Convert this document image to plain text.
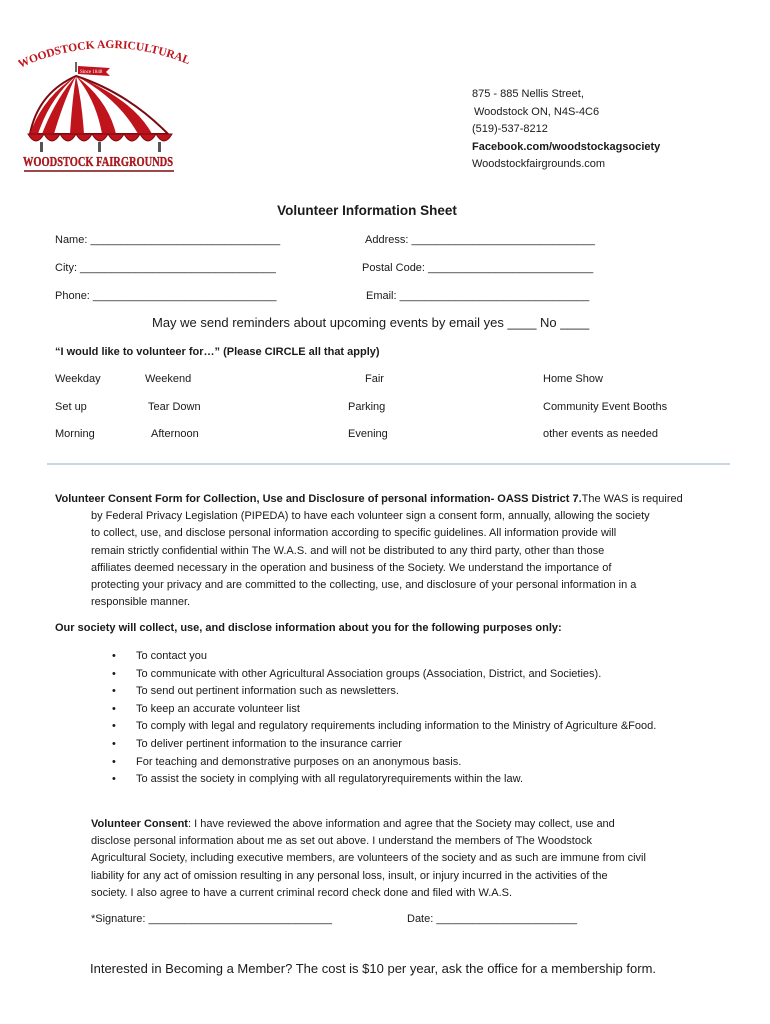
WOODSTOCK AGRICULTURAL
Since 1848
WOODSTOCK FAIRGROUNDS
875 - 885 Nellis Street,
Woodstock ON, N4S-4C6
(519)-537-8212
Facebook.com/woodstockagsociety
Woodstockfairgrounds.com
Volunteer Information Sheet
Name: _______________________________	Address: ______________________________
City: ________________________________	Postal Code: ___________________________
Phone: ______________________________	Email: _______________________________
May we send reminders about upcoming events by email yes ____ No ____
“I would like to volunteer for…” (Please CIRCLE all that apply)
Weekday	Weekend	Fair	Home Show
Set up	Tear Down	Parking	Community Event Booths
Morning	Afternoon	Evening	other events as needed
Volunteer Consent Form for Collection, Use and Disclosure of personal information- OASS District 7.The WAS is required
by Federal Privacy Legislation (PIPEDA) to have each volunteer sign a consent form, annually, allowing the society
to collect, use, and disclose personal information according to specific guidelines. All information provide will
remain strictly confidential within The W.A.S. and will not be distributed to any third party, other than those
affiliates deemed necessary in the operation and business of the Society. We understand the importance of
protecting your privacy and are committed to the collecting, use, and disclosure of your personal information in a
responsible manner.
Our society will collect, use, and disclose information about you for the following purposes only:
• To contact you
• To communicate with other Agricultural Association groups (Association, District, and Societies).
• To send out pertinent information such as newsletters.
• To keep an accurate volunteer list
• To comply with legal and regulatory requirements including information to the Ministry of Agriculture &Food.
• To deliver pertinent information to the insurance carrier
• For teaching and demonstrative purposes on an anonymous basis.
• To assist the society in complying with all regulatoryrequirements within the law.
Volunteer Consent: I have reviewed the above information and agree that the Society may collect, use and
disclose personal information about me as set out above. I understand the members of The Woodstock
Agricultural Society, including executive members, are volunteers of the society and as such are immune from civil
liability for any act of omission resulting in any personal loss, insult, or injury incurred in the activities of the
society. I also agree to have a current criminal record check done and filed with W.A.S.
*Signature: ______________________________	Date: _______________________
Interested in Becoming a Member? The cost is $10 per year, ask the office for a membership form.
